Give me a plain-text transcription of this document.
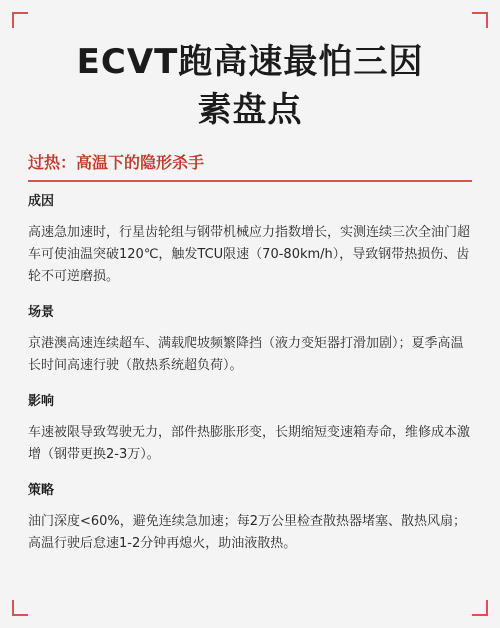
ECVT跑高速最怕三因
素盘点
过热：高温下的隐形杀手
成因
高速急加速时，行星齿轮组与钢带机械应力指数增长，实测连续三次全油门超车可使油温突破120℃，触发TCU限速（70-80km/h），导致钢带热损伤、齿轮不可逆磨损。
场景
京港澳高速连续超车、满载爬坡频繁降挡（液力变矩器打滑加剧）；夏季高温长时间高速行驶（散热系统超负荷）。
影响
车速被限导致驾驶无力，部件热膨胀形变，长期缩短变速箱寿命，维修成本激增（钢带更换2-3万）。
策略
油门深度<60%，避免连续急加速；每2万公里检查散热器堵塞、散热风扇；高温行驶后怠速1-2分钟再熄火，助油液散热。
